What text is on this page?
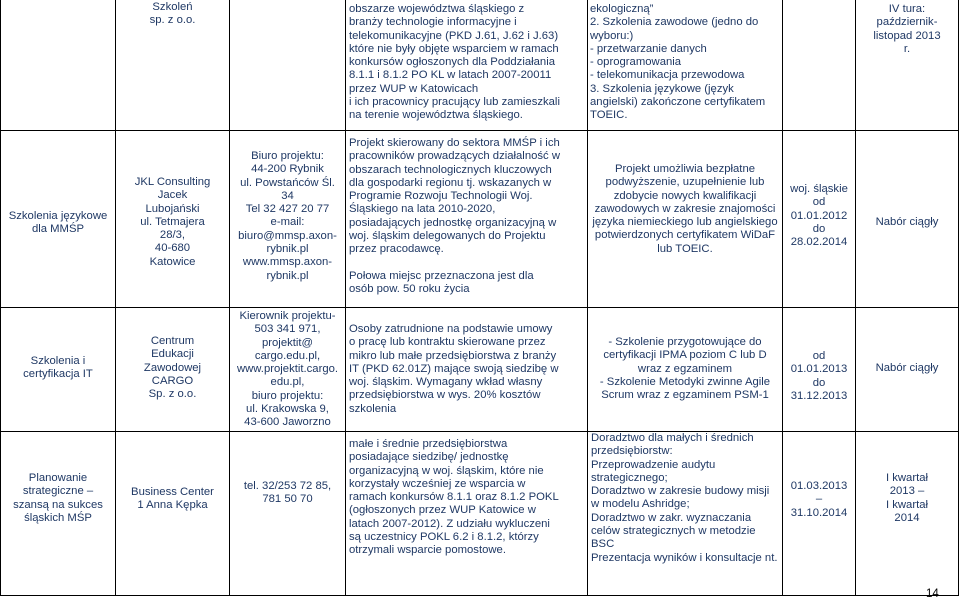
Szkoleń
sp. z o.o.
obszarze województwa śląskiego z
branży technologie informacyjne i
telekomunikacyjne (PKD J.61, J.62 i J.63)
które nie były objęte wsparciem w ramach
konkursów ogłoszonych dla Poddziałania
8.1.1 i 8.1.2 PO KL w latach 2007-20011
przez WUP w Katowicach
i ich pracownicy pracujący lub zamieszkali
na terenie województwa śląskiego.
ekologiczną”
2. Szkolenia zawodowe (jedno do
wyboru:)
- przetwarzanie danych
- oprogramowania
- telekomunikacja przewodowa
3. Szkolenia językowe (język
angielski) zakończone certyfikatem
TOEIC.
IV tura:
październik-
listopad 2013
r.
Szkolenia językowe
dla MMŚP
JKL Consulting
Jacek
Lubojański
ul. Tetmajera
28/3,
40-680
Katowice
Biuro projektu:
44-200 Rybnik
ul. Powstańców Śl.
34
Tel 32 427 20 77
e-mail:
biuro@mmsp.axon-
rybnik.pl
www.mmsp.axon-
rybnik.pl
Projekt skierowany do sektora MMŚP i ich
pracowników prowadzących działalność w
obszarach technologicznych kluczowych
dla gospodarki regionu tj. wskazanych w
Programie Rozwoju Technologii Woj.
Śląskiego na lata 2010-2020,
posiadających jednostkę organizacyjną w
woj. śląskim delegowanych do Projektu
przez pracodawcę.

Połowa miejsc przeznaczona jest dla
osób pow. 50 roku życia
Projekt umożliwia bezpłatne
podwyższenie, uzupełnienie lub
zdobycie nowych kwalifikacji
zawodowych w zakresie znajomości
języka niemieckiego lub angielskiego
potwierdzonych certyfikatem WiDaF
lub TOEIC.
woj. śląskie
od
01.01.2012
do
28.02.2014
Nabór ciągły
Szkolenia i
certyfikacja IT
Centrum
Edukacji
Zawodowej
CARGO
Sp. z o.o.
Kierownik projektu-
503 341 971,
projektit@
cargo.edu.pl,
www.projektit.cargo.
edu.pl,
biuro projektu:
ul. Krakowska 9,
43-600 Jaworzno
Osoby zatrudnione na podstawie umowy
o pracę lub kontraktu skierowane przez
mikro lub małe przedsiębiorstwa z branży
IT (PKD 62.01Z) mające swoją siedzibę w
woj. śląskim. Wymagany wkład własny
przedsiębiorstwa w wys. 20% kosztów
szkolenia
- Szkolenie przygotowujące do
certyfikacji IPMA poziom C lub D
wraz z egzaminem
- Szkolenie Metodyki zwinne Agile
Scrum wraz z egzaminem PSM-1
od
01.01.2013
do
31.12.2013
Nabór ciągły
Planowanie
strategiczne –
szansą na sukces
śląskich MŚP
Business Center
1 Anna Kępka
tel. 32/253 72 85,
781 50 70
małe i średnie przedsiębiorstwa
posiadające siedzibę/ jednostkę
organizacyjną w woj. śląskim, które nie
korzystały wcześniej ze wsparcia w
ramach konkursów 8.1.1 oraz 8.1.2 POKL
(ogłoszonych przez WUP Katowice w
latach 2007-2012). Z udziału wykluczeni
są uczestnicy POKL 6.2 i 8.1.2, którzy
otrzymali wsparcie pomostowe.
Doradztwo dla małych i średnich
przedsiębiorstw:
Przeprowadzenie audytu
strategicznego;
Doradztwo w zakresie budowy misji
w modelu Ashridge;
Doradztwo w zakr. wyznaczania
celów strategicznych w metodzie
BSC
Prezentacja wyników i konsultacje nt.
01.03.2013
–
31.10.2014
I kwartał
2013 –
I kwartał
2014
14
